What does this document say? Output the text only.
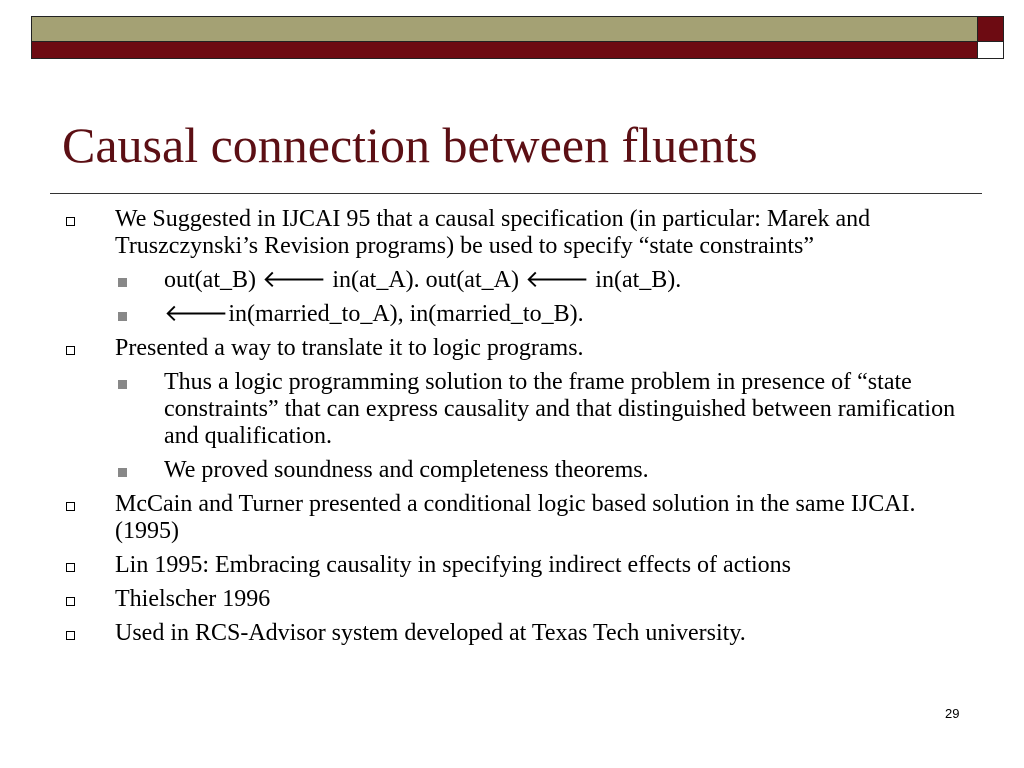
Causal connection between fluents
We Suggested in IJCAI 95 that a causal specification (in particular: Marek and Truszczynski’s Revision programs) be used to specify “state constraints”
out(at_B) 🡐 in(at_A). out(at_A) 🡐 in(at_B).
🡐in(married_to_A), in(married_to_B).
Presented a way to translate it to logic programs.
Thus a logic programming solution to the frame problem in presence of “state constraints” that can express causality and that distinguished between ramification and qualification.
We proved soundness and completeness theorems.
McCain and Turner presented a conditional logic based solution in the same IJCAI. (1995)
Lin 1995: Embracing causality in specifying indirect effects of actions
Thielscher 1996
Used in RCS-Advisor system developed at Texas Tech university.
29
